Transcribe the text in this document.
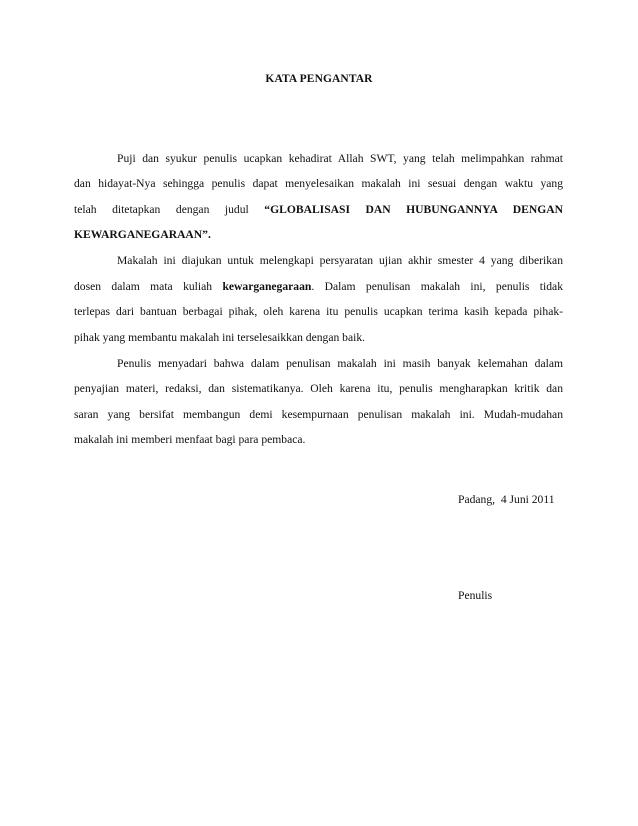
KATA PENGANTAR
Puji dan syukur penulis ucapkan kehadirat Allah SWT, yang telah melimpahkan rahmat
dan hidayat-Nya sehingga penulis dapat menyelesaikan makalah ini sesuai dengan waktu yang
telah ditetapkan dengan judul “GLOBALISASI DAN HUBUNGANNYA DENGAN
KEWARGANEGARAAN”.
Makalah ini diajukan untuk melengkapi persyaratan ujian akhir smester 4 yang diberikan
dosen dalam mata kuliah kewarganegaraan. Dalam penulisan makalah ini, penulis tidak
terlepas dari bantuan berbagai pihak, oleh karena itu penulis ucapkan terima kasih kepada pihak-
pihak yang membantu makalah ini terselesaikkan dengan baik.
Penulis menyadari bahwa dalam penulisan makalah ini masih banyak kelemahan dalam
penyajian materi, redaksi, dan sistematikanya. Oleh karena itu, penulis mengharapkan kritik dan
saran yang bersifat membangun demi kesempurnaan penulisan makalah ini. Mudah-mudahan
makalah ini memberi menfaat bagi para pembaca.
Padang,  4 Juni 2011
Penulis
